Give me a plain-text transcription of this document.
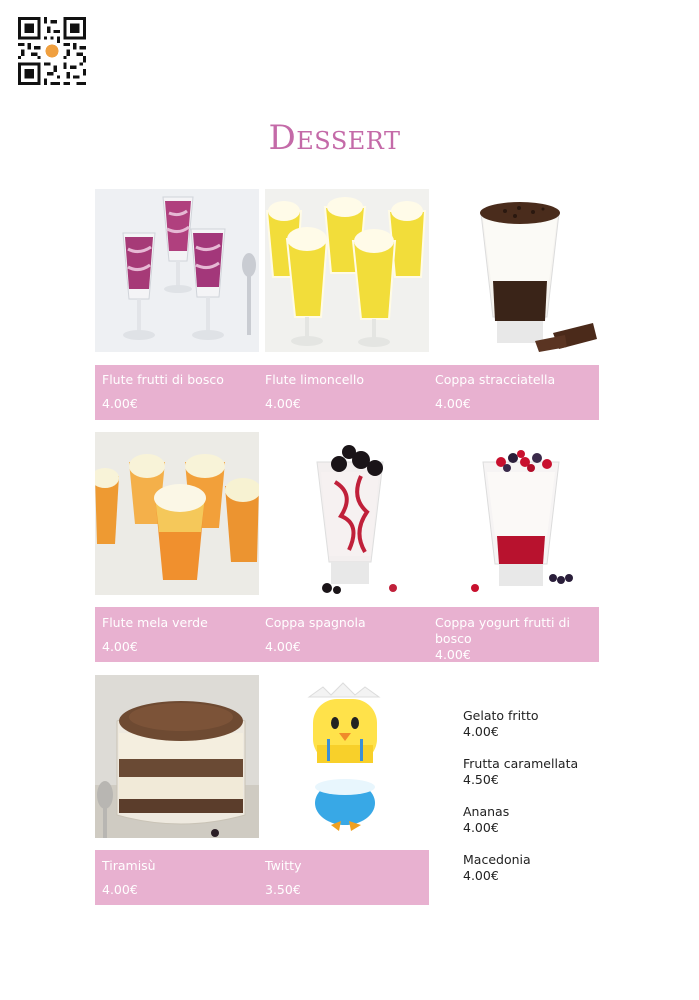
Dessert
Flute frutti di bosco
4.00€
Flute limoncello
4.00€
Coppa stracciatella
4.00€
Flute mela verde
4.00€
Coppa spagnola
4.00€
Coppa yogurt frutti di bosco
4.00€
Tiramisù
4.00€
Twitty
3.50€
Gelato fritto
4.00€
Frutta caramellata
4.50€
Ananas
4.00€
Macedonia
4.00€
